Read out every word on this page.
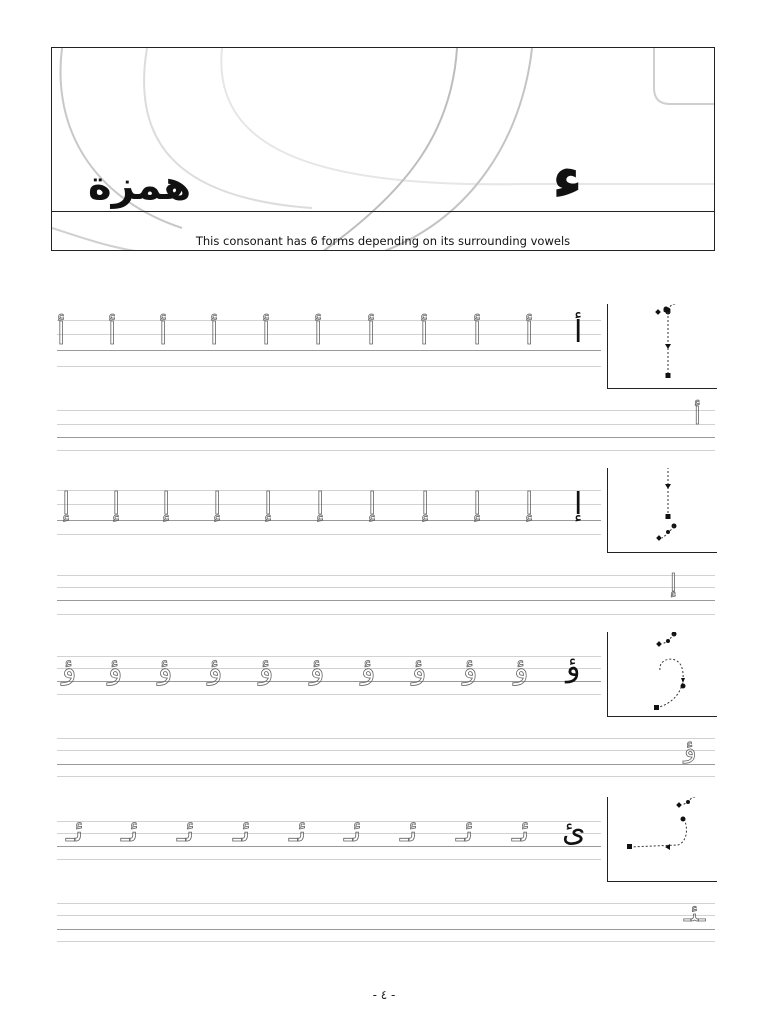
همزة	ء
This consonant has 6 forms depending on its surrounding vowels
أ أ أ أ أ أ أ أ أ أ أ
أ
إ إ إ إ إ إ إ إ إ إ إ
إ
ؤ ؤ ؤ ؤ ؤ ؤ ؤ ؤ ؤ ؤ ؤ
ؤ
ئـ ئـ ئـ ئـ ئـ ئـ ئـ ئـ ئـ ئ
ـئـ
- ٤ -
